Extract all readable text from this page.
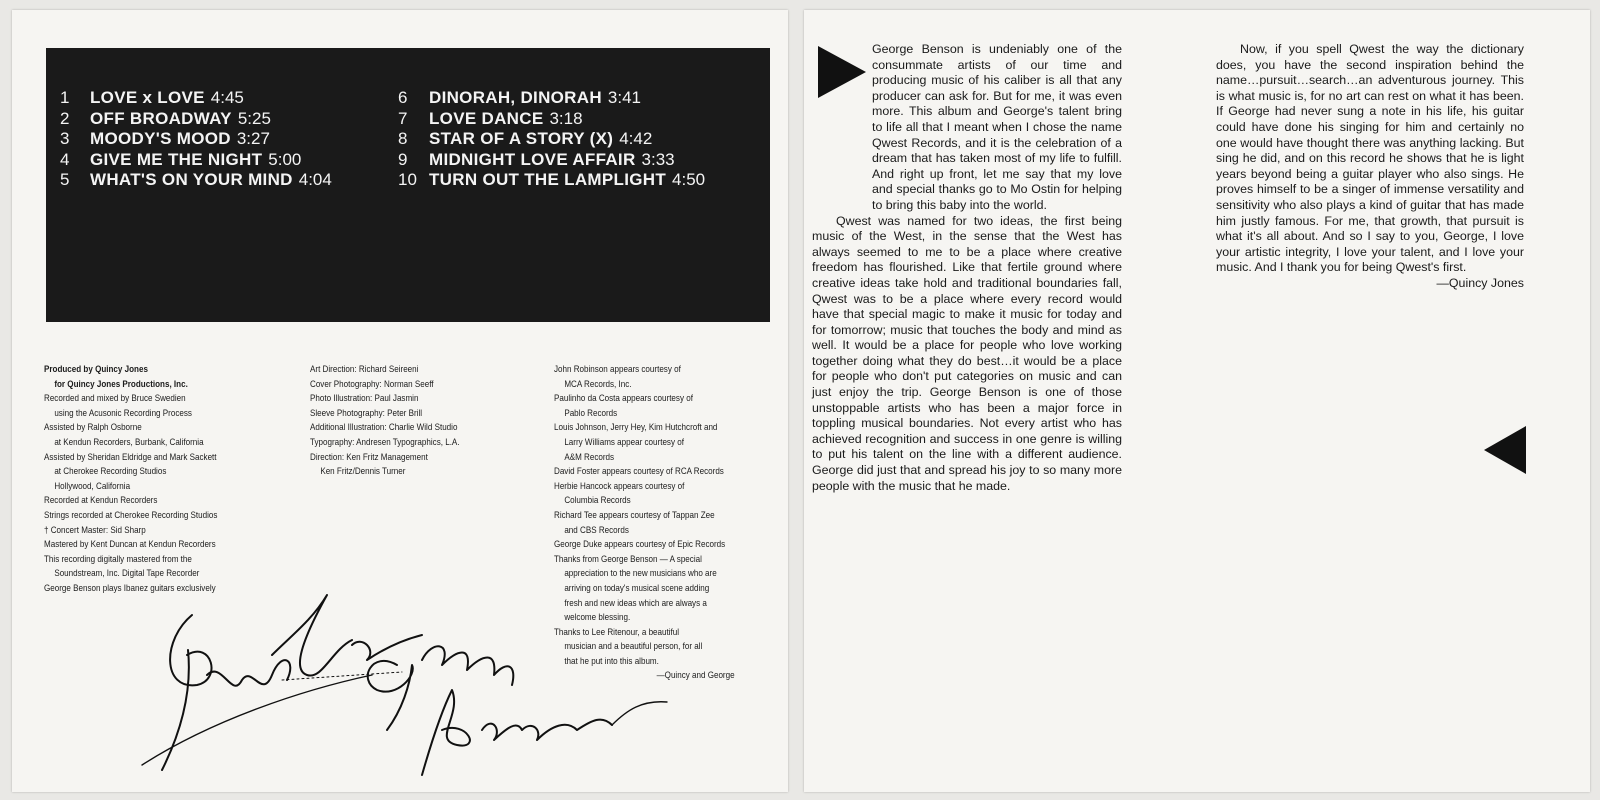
1 LOVE x LOVE 4:45
2 OFF BROADWAY 5:25
3 MOODY'S MOOD 3:27
4 GIVE ME THE NIGHT 5:00
5 WHAT'S ON YOUR MIND 4:04
6 DINORAH, DINORAH 3:41
7 LOVE DANCE 3:18
8 STAR OF A STORY (X) 4:42
9 MIDNIGHT LOVE AFFAIR 3:33
10 TURN OUT THE LAMPLIGHT 4:50
Produced by Quincy Jones
for Quincy Jones Productions, Inc.
Recorded and mixed by Bruce Swedien
using the Acusonic Recording Process
Assisted by Ralph Osborne
at Kendun Recorders, Burbank, California
Assisted by Sheridan Eldridge and Mark Sackett
at Cherokee Recording Studios
Hollywood, California
Recorded at Kendun Recorders
Strings recorded at Cherokee Recording Studios
† Concert Master: Sid Sharp
Mastered by Kent Duncan at Kendun Recorders
This recording digitally mastered from the
Soundstream, Inc. Digital Tape Recorder
George Benson plays Ibanez guitars exclusively
Art Direction: Richard Seireeni
Cover Photography: Norman Seeff
Photo Illustration: Paul Jasmin
Sleeve Photography: Peter Brill
Additional Illustration: Charlie Wild Studio
Typography: Andresen Typographics, L.A.
Direction: Ken Fritz Management
Ken Fritz/Dennis Turner
John Robinson appears courtesy of
MCA Records, Inc.
Paulinho da Costa appears courtesy of
Pablo Records
Louis Johnson, Jerry Hey, Kim Hutchcroft and
Larry Williams appear courtesy of
A&M Records
David Foster appears courtesy of RCA Records
Herbie Hancock appears courtesy of
Columbia Records
Richard Tee appears courtesy of Tappan Zee
and CBS Records
George Duke appears courtesy of Epic Records
Thanks from George Benson — A special
appreciation to the new musicians who are
arriving on today's musical scene adding
fresh and new ideas which are always a
welcome blessing.
Thanks to Lee Ritenour, a beautiful
musician and a beautiful person, for all
that he put into this album.
—Quincy and George

George Benson is undeniably one of the consummate artists of our time and producing music of his caliber is all that any producer can ask for. But for me, it was even more. This album and George's talent bring to life all that I meant when I chose the name Qwest Records, and it is the celebration of a dream that has taken most of my life to fulfill. And right up front, let me say that my love and special thanks go to Mo Ostin for helping to bring this baby into the world.

Qwest was named for two ideas, the first being music of the West, in the sense that the West has always seemed to me to be a place where creative freedom has flourished. Like that fertile ground where creative ideas take hold and traditional boundaries fall, Qwest was to be a place where every record would have that special magic to make it music for today and for tomorrow; music that touches the body and mind as well. It would be a place for people who love working together doing what they do best…it would be a place for people who don't put categories on music and can just enjoy the trip. George Benson is one of those unstoppable artists who has been a major force in toppling musical boundaries. Not every artist who has achieved recognition and success in one genre is willing to put his talent on the line with a different audience. George did just that and spread his joy to so many more people with the music that he made.

Now, if you spell Qwest the way the dictionary does, you have the second inspiration behind the name…pursuit…search…an adventurous journey. This is what music is, for no art can rest on what it has been. If George had never sung a note in his life, his guitar could have done his singing for him and certainly no one would have thought there was anything lacking. But sing he did, and on this record he shows that he is light years beyond being a guitar player who also sings. He proves himself to be a singer of immense versatility and sensitivity who also plays a kind of guitar that has made him justly famous. For me, that growth, that pursuit is what it's all about. And so I say to you, George, I love your artistic integrity, I love your talent, and I love your music. And I thank you for being Qwest's first.

—Quincy Jones
